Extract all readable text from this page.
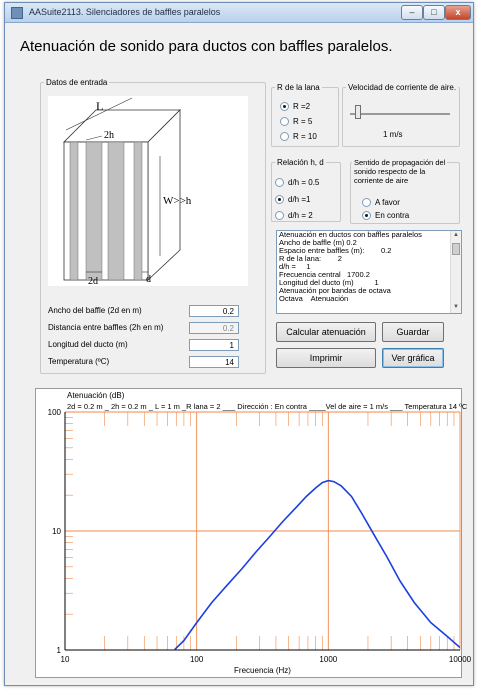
AASuite2113. Silenciadores de baffles paralelos	–	□	x
Atenuación de sonido para ductos con baffles paralelos.
Datos de entrada
L
2h
W>>h
2d	d
Ancho del baffle (2d en m)
0.2
Distancia entre baffles (2h en m)
0.2
Longitud del ducto (m)
1
Temperatura (ºC)
14
R de la lana
R =2
R = 5
R = 10
Velocidad de corriente de aire.
1 m/s
Relación h, d
d/h = 0.5
d/h =1
d/h = 2
Sentido de propagación del
sonido respecto de la
corriente de aire
A favor
En contra
Atenuación en ductos con baffles paralelos
Ancho de baffle (m) 0.2
Espacio entre baffles (m):        0.2
R de la lana:        2
d/h =     1
Frecuencia central   1700.2
Longitud del ducto (m)          1
Atenuación por bandas de octava
Octava    Atenuación
▲
▼
Calcular atenuación	Guardar
Imprimir	Ver gráfica
10	100	1000	10000
1
10
100
Atenuación (dB)
2d = 0.2 m _ 2h = 0.2 m _ L = 1 m _R lana = 2 ___ Dirección : En contra ____Vel de aire = 1 m/s ___ Temperatura 14 ºC
Frecuencia (Hz)
